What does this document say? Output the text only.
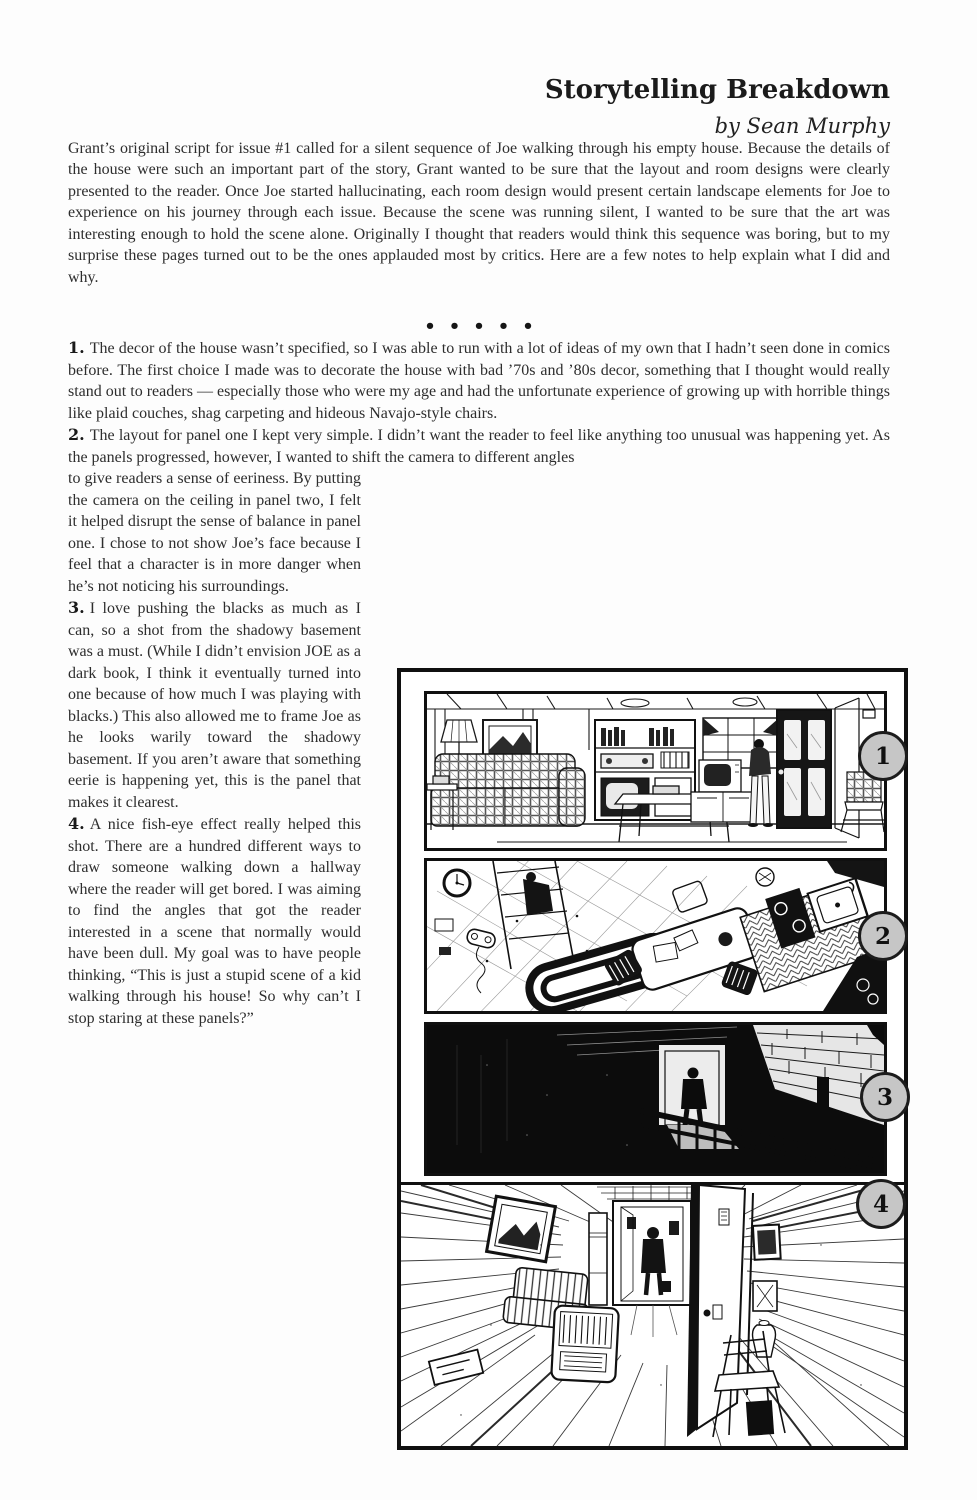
Storytelling Breakdown
by Sean Murphy

Grant’s original script for issue #1 called for a silent sequence of Joe walking through his empty house. Because the details of the house were such an important part of the story, Grant wanted to be sure that the layout and room designs were clearly presented to the reader. Once Joe started hallucinating, each room design would present certain landscape elements for Joe to experience on his journey through each issue. Because the scene was running silent, I wanted to be sure that the art was interesting enough to hold the scene alone. Originally I thought that readers would think this sequence was boring, but to my surprise these pages turned out to be the ones applauded most by critics. Here are a few notes to help explain what I did and why.

•••••

1. The decor of the house wasn’t specified, so I was able to run with a lot of ideas of my own that I hadn’t seen done in comics before. The first choice I made was to decorate the house with bad ’70s and ’80s decor, something that I thought would really stand out to readers — especially those who were my age and had the unfortunate experience of growing up with horrible things like plaid couches, shag carpeting and hideous Navajo-style chairs.

2. The layout for panel one I kept very simple. I didn’t want the reader to feel like anything too unusual was happening yet. As the panels progressed, however, I wanted to shift the camera to different angles

to give readers a sense of eeriness. By putting the camera on the ceiling in panel two, I felt it helped disrupt the sense of balance in panel one. I chose to not show Joe’s face because I feel that a character is in more danger when he’s not noticing his surroundings.

3. I love pushing the blacks as much as I can, so a shot from the shadowy basement was a must. (While I didn’t envision JOE as a dark book, I think it eventually turned into one because of how much I was playing with blacks.) This also allowed me to frame Joe as he looks warily toward the shadowy basement. If you aren’t aware that something eerie is happening yet, this is the panel that makes it clearest.

4. A nice fish-eye effect really helped this shot. There are a hundred different ways to draw someone walking down a hallway where the reader will get bored. I was aiming to find the angles that got the reader interested in a scene that normally would have been dull. My goal was to have people thinking, “This is just a stupid scene of a kid walking through his house! So why can’t I stop staring at these panels?”

1
2
3
4
